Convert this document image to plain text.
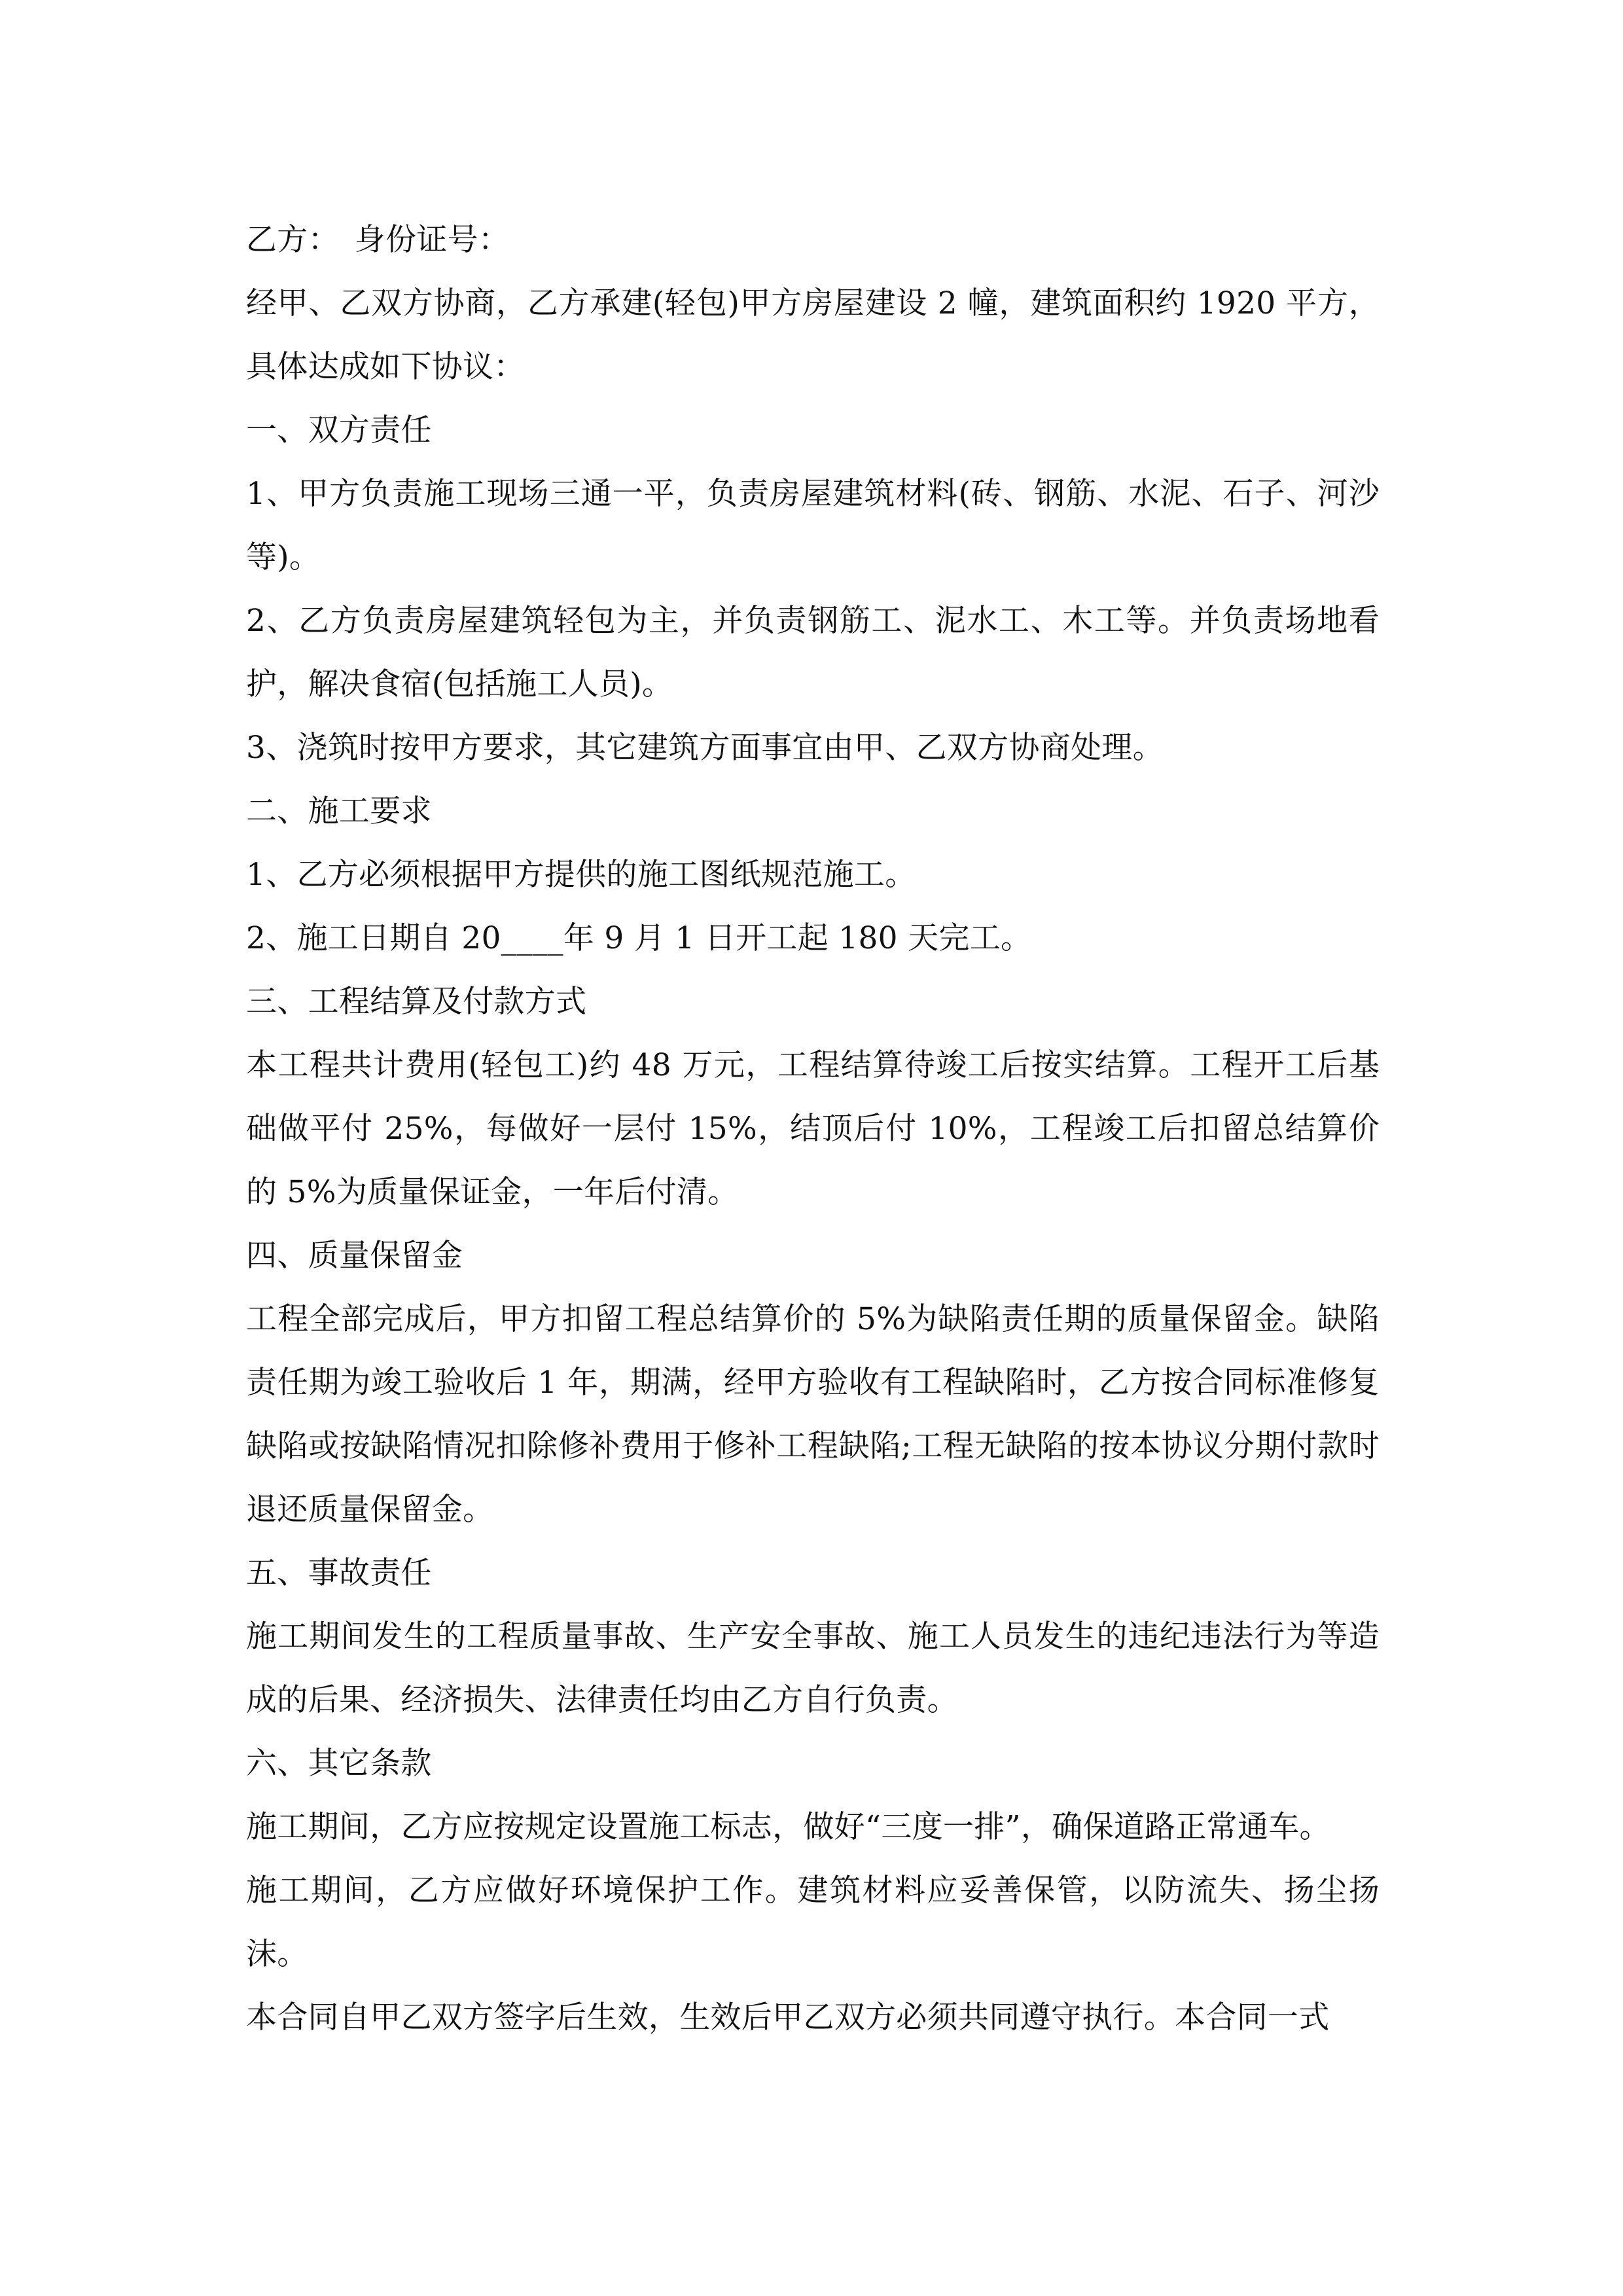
乙方：　身份证号：

经甲、乙双方协商，乙方承建(轻包)甲方房屋建设 2 幢，建筑面积约 1920 平方，具体达成如下协议：

一、双方责任

1、甲方负责施工现场三通一平，负责房屋建筑材料(砖、钢筋、水泥、石子、河沙等)。

2、乙方负责房屋建筑轻包为主，并负责钢筋工、泥水工、木工等。并负责场地看护，解决食宿(包括施工人员)。

3、浇筑时按甲方要求，其它建筑方面事宜由甲、乙双方协商处理。

二、施工要求

1、乙方必须根据甲方提供的施工图纸规范施工。

2、施工日期自 20____年 9 月 1 日开工起 180 天完工。

三、工程结算及付款方式

本工程共计费用(轻包工)约 48 万元，工程结算待竣工后按实结算。工程开工后基础做平付 25%，每做好一层付 15%，结顶后付 10%，工程竣工后扣留总结算价的 5%为质量保证金，一年后付清。

四、质量保留金

工程全部完成后，甲方扣留工程总结算价的 5%为缺陷责任期的质量保留金。缺陷责任期为竣工验收后 1 年，期满，经甲方验收有工程缺陷时，乙方按合同标准修复缺陷或按缺陷情况扣除修补费用于修补工程缺陷;工程无缺陷的按本协议分期付款时退还质量保留金。

五、事故责任

施工期间发生的工程质量事故、生产安全事故、施工人员发生的违纪违法行为等造成的后果、经济损失、法律责任均由乙方自行负责。

六、其它条款

施工期间，乙方应按规定设置施工标志，做好“三度一排”，确保道路正常通车。

施工期间，乙方应做好环境保护工作。建筑材料应妥善保管，以防流失、扬尘扬沫。

本合同自甲乙双方签字后生效，生效后甲乙双方必须共同遵守执行。本合同一式
